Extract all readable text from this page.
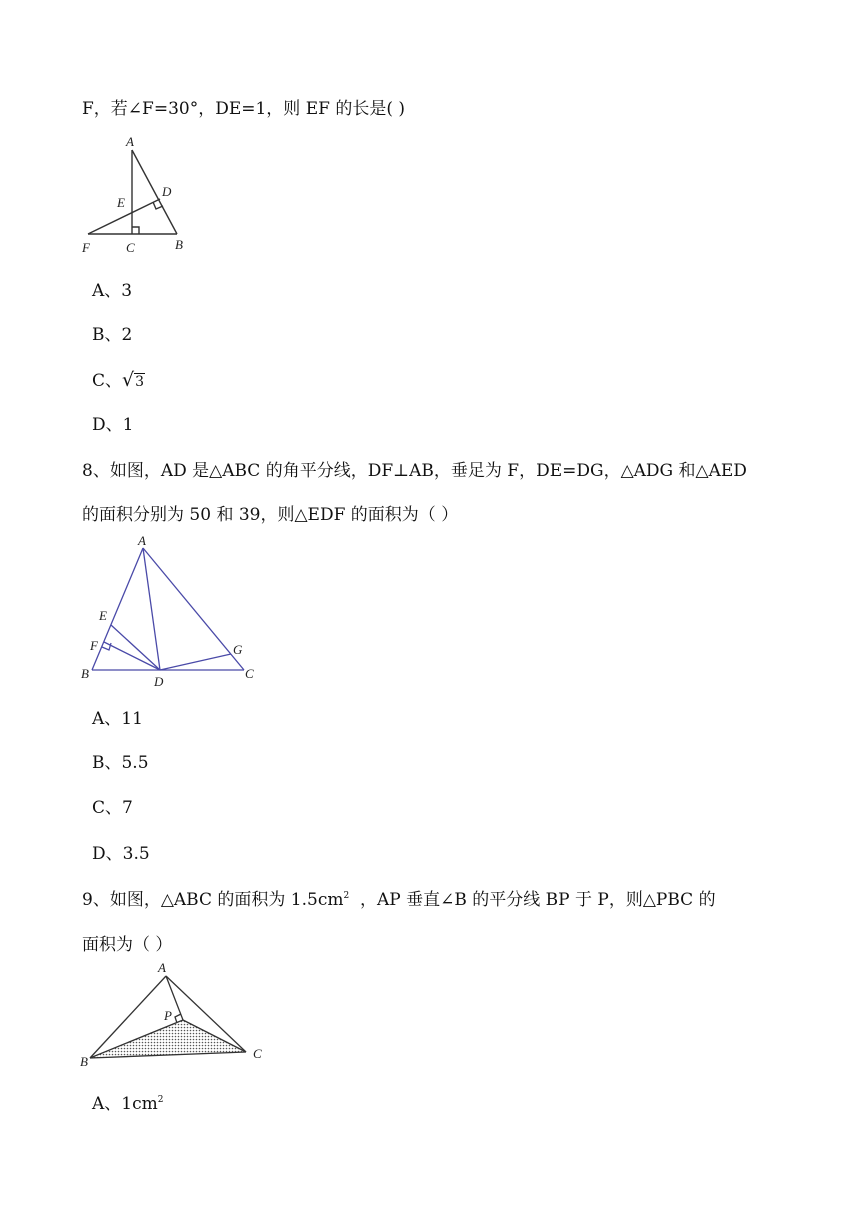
F，若∠F=30°，DE=1，则 EF 的长是( )
A
D
E
F	C	B
A、3
B、2
C、√3
D、1
8、如图，AD 是△ABC 的角平分线，DF⊥AB，垂足为 F，DE=DG，△ADG 和△AED
的面积分别为 50 和 39，则△EDF 的面积为（ ）
A
E
F
B
D
G
C
A、11
B、5.5
C、7
D、3.5
9、如图，△ABC 的面积为 $1.5cm^2$  ，AP 垂直∠B 的平分线 BP 于 P，则△PBC 的
面积为（ ）
A
P
B
C
A、$1cm^2$
